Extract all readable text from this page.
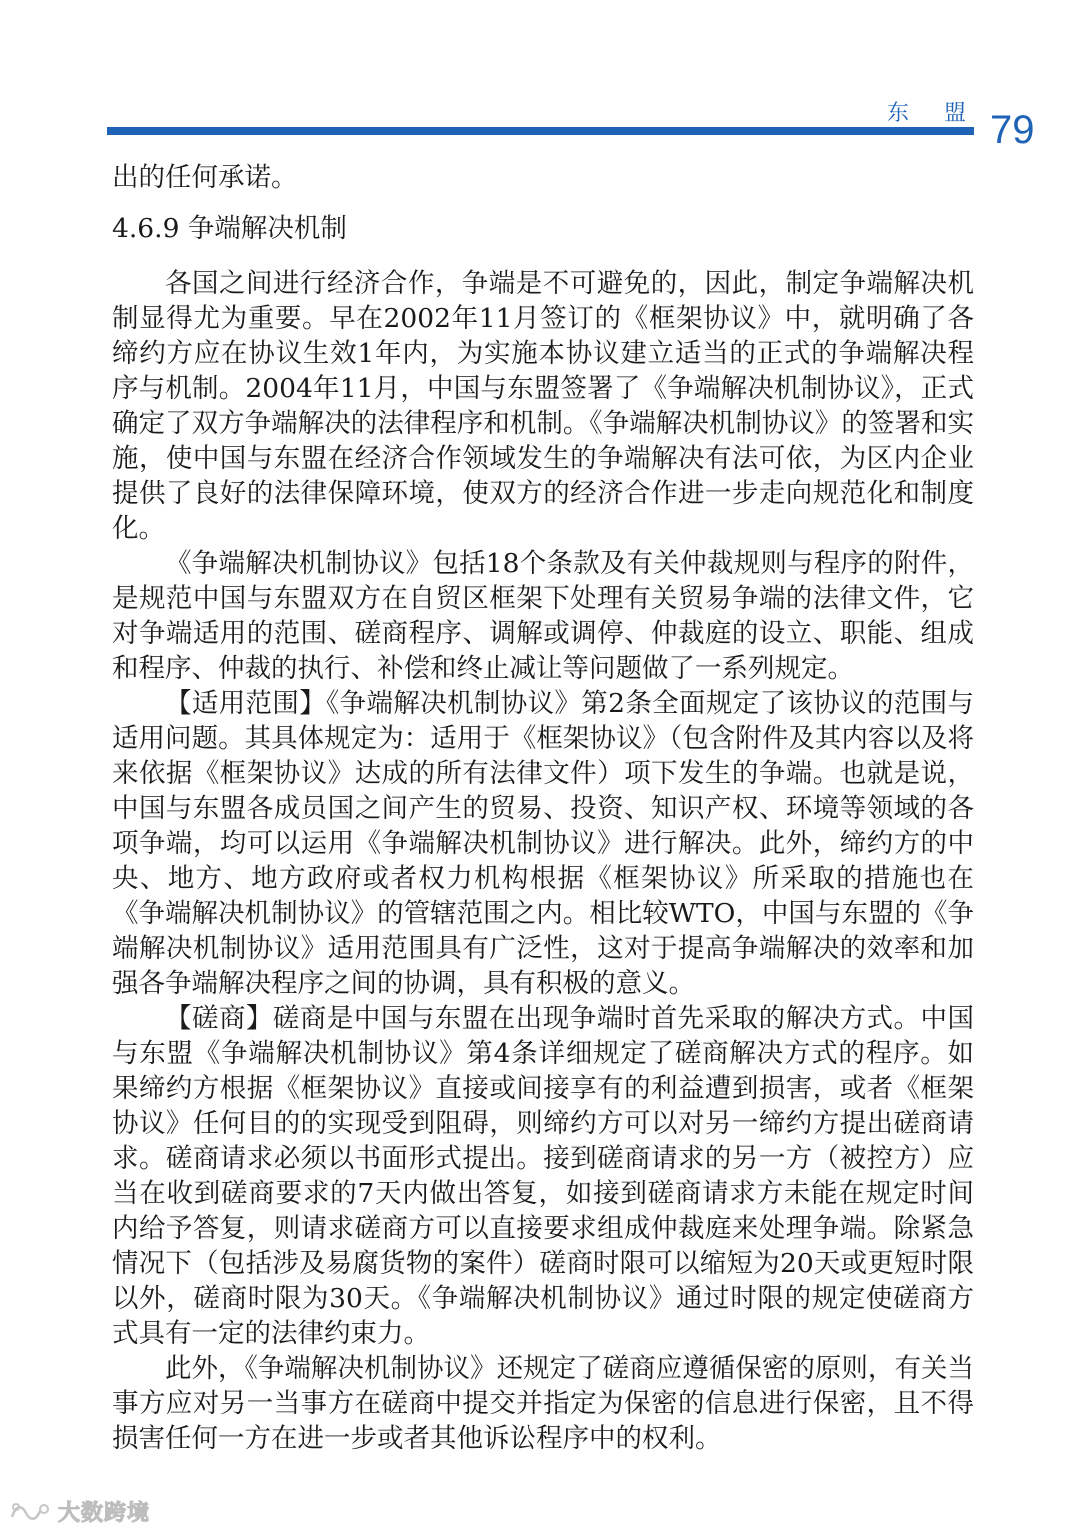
东 盟 79

出的任何承诺。

4.6.9 争端解决机制

各国之间进行经济合作，争端是不可避免的，因此，制定争端解决机制显得尤为重要。早在2002年11月签订的《框架协议》中，就明确了各缔约方应在协议生效1年内，为实施本协议建立适当的正式的争端解决程序与机制。2004年11月，中国与东盟签署了《争端解决机制协议》，正式确定了双方争端解决的法律程序和机制。《争端解决机制协议》的签署和实施，使中国与东盟在经济合作领域发生的争端解决有法可依，为区内企业提供了良好的法律保障环境，使双方的经济合作进一步走向规范化和制度化。

《争端解决机制协议》包括18个条款及有关仲裁规则与程序的附件，是规范中国与东盟双方在自贸区框架下处理有关贸易争端的法律文件，它对争端适用的范围、磋商程序、调解或调停、仲裁庭的设立、职能、组成和程序、仲裁的执行、补偿和终止减让等问题做了一系列规定。

【适用范围】《争端解决机制协议》第2条全面规定了该协议的范围与适用问题。其具体规定为：适用于《框架协议》（包含附件及其内容以及将来依据《框架协议》达成的所有法律文件）项下发生的争端。也就是说，中国与东盟各成员国之间产生的贸易、投资、知识产权、环境等领域的各项争端，均可以运用《争端解决机制协议》进行解决。此外，缔约方的中央、地方、地方政府或者权力机构根据《框架协议》所采取的措施也在《争端解决机制协议》的管辖范围之内。相比较WTO，中国与东盟的《争端解决机制协议》适用范围具有广泛性，这对于提高争端解决的效率和加强各争端解决程序之间的协调，具有积极的意义。

【磋商】磋商是中国与东盟在出现争端时首先采取的解决方式。中国与东盟《争端解决机制协议》第4条详细规定了磋商解决方式的程序。如果缔约方根据《框架协议》直接或间接享有的利益遭到损害，或者《框架协议》任何目的的实现受到阻碍，则缔约方可以对另一缔约方提出磋商请求。磋商请求必须以书面形式提出。接到磋商请求的另一方（被控方）应当在收到磋商要求的7天内做出答复，如接到磋商请求方未能在规定时间内给予答复，则请求磋商方可以直接要求组成仲裁庭来处理争端。除紧急情况下（包括涉及易腐货物的案件）磋商时限可以缩短为20天或更短时限以外，磋商时限为30天。《争端解决机制协议》通过时限的规定使磋商方式具有一定的法律约束力。

此外，《争端解决机制协议》还规定了磋商应遵循保密的原则，有关当事方应对另一当事方在磋商中提交并指定为保密的信息进行保密，且不得损害任何一方在进一步或者其他诉讼程序中的权利。

大数跨境
